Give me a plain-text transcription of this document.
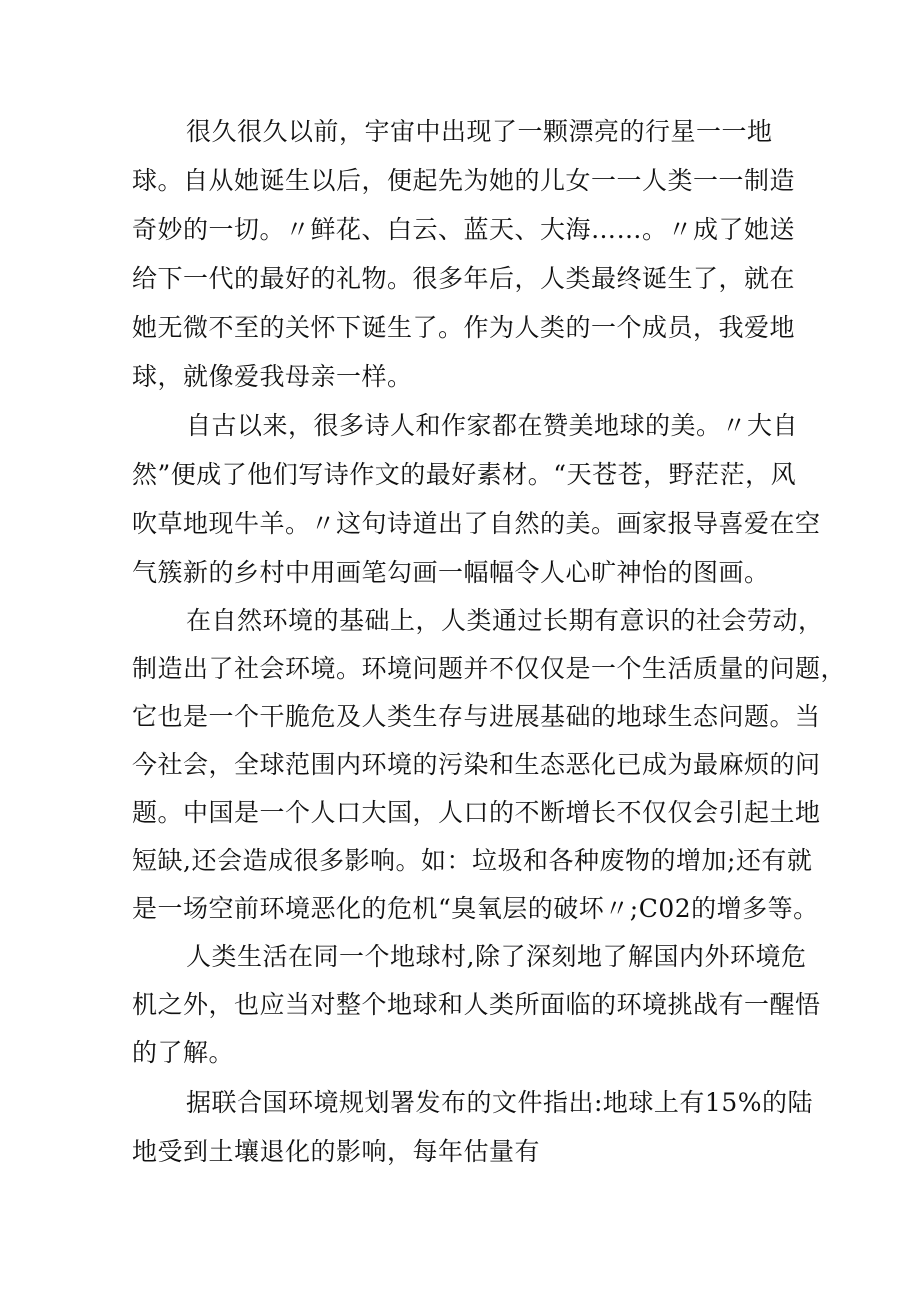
很久很久以前，宇宙中出现了一颗漂亮的行星一一地
球。自从她诞生以后，便起先为她的儿女一一人类一一制造
奇妙的一切。〃鲜花、白云、蓝天、大海……。〃成了她送
给下一代的最好的礼物。很多年后，人类最终诞生了，就在
她无微不至的关怀下诞生了。作为人类的一个成员，我爱地
球，就像爱我母亲一样。
自古以来，很多诗人和作家都在赞美地球的美。〃大自
然”便成了他们写诗作文的最好素材。“天苍苍，野茫茫，风
吹草地现牛羊。〃这句诗道出了自然的美。画家报导喜爱在空
气簇新的乡村中用画笔勾画一幅幅令人心旷神怡的图画。
在自然环境的基础上，人类通过长期有意识的社会劳动，
制造出了社会环境。环境问题并不仅仅是一个生活质量的问题，
它也是一个干脆危及人类生存与进展基础的地球生态问题。当
今社会，全球范围内环境的污染和生态恶化已成为最麻烦的问
题。中国是一个人口大国，人口的不断增长不仅仅会引起土地
短缺,还会造成很多影响。如：垃圾和各种废物的增加;还有就
是一场空前环境恶化的危机“臭氧层的破坏〃;C02的增多等。
人类生活在同一个地球村,除了深刻地了解国内外环境危
机之外，也应当对整个地球和人类所面临的环境挑战有一醒悟
的了解。
据联合国环境规划署发布的文件指出:地球上有15%的陆
地受到土壤退化的影响，每年估量有
